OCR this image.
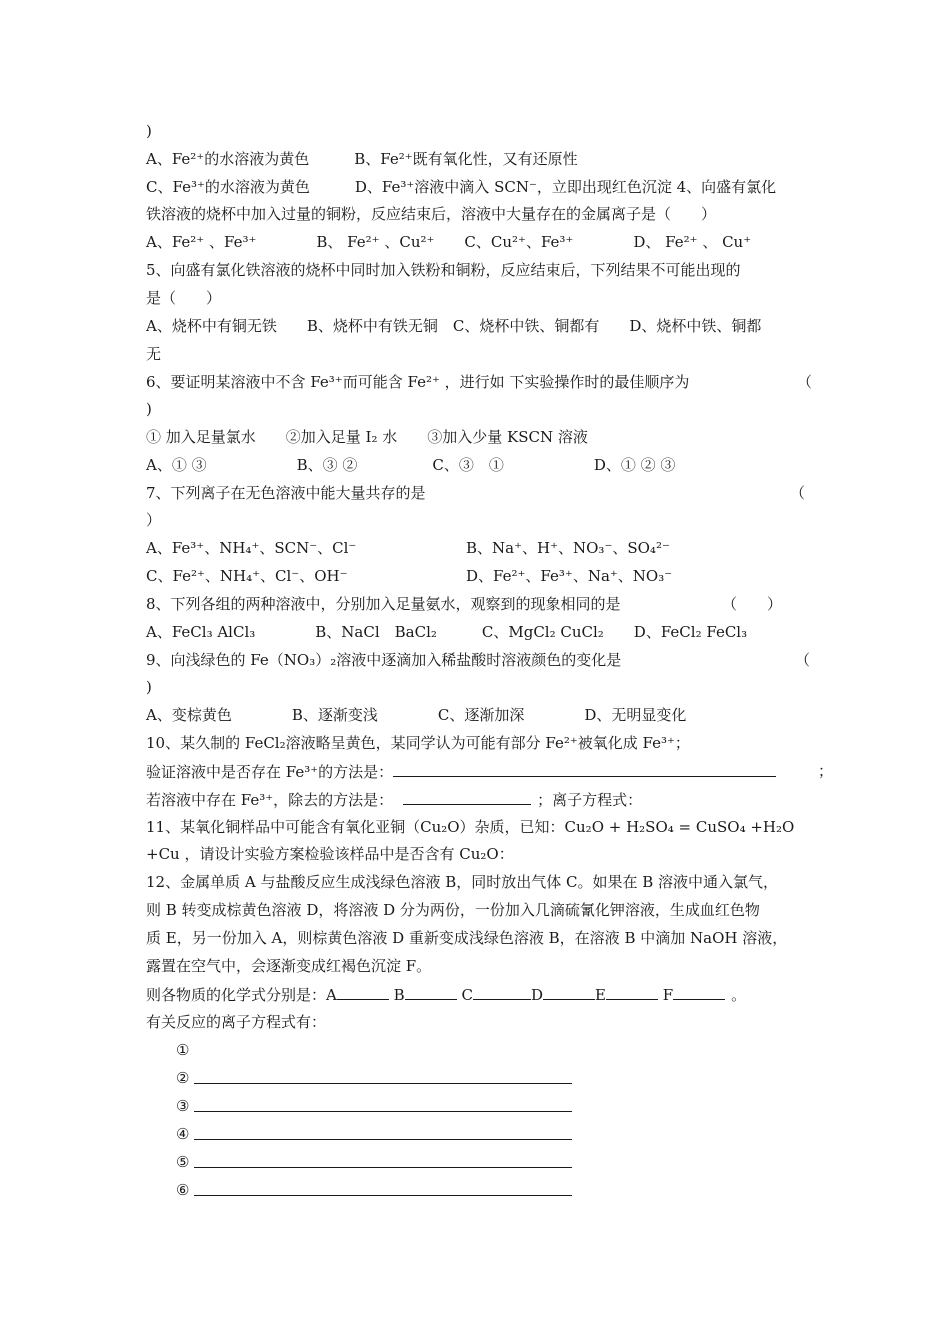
)
A、Fe²⁺的水溶液为黄色　　　B、Fe²⁺既有氧化性，又有还原性
C、Fe³⁺的水溶液为黄色　　　D、Fe³⁺溶液中滴入 SCN⁻，立即出现红色沉淀 4、向盛有氯化
铁溶液的烧杯中加入过量的铜粉，反应结束后，溶液中大量存在的金属离子是（　　）
A、Fe²⁺ 、Fe³⁺　　　　B、 Fe²⁺ 、Cu²⁺　　C、Cu²⁺、Fe³⁺　　　　D、 Fe²⁺ 、 Cu⁺
5、向盛有氯化铁溶液的烧杯中同时加入铁粉和铜粉，反应结束后，下列结果不可能出现的
是（　　）
A、烧杯中有铜无铁　　B、烧杯中有铁无铜　C、烧杯中铁、铜都有　　D、烧杯中铁、铜都
无
6、要证明某溶液中不含 Fe³⁺而可能含 Fe²⁺ ，进行如 下实验操作时的最佳顺序为	（
)
① 加入足量氯水　　②加入足量 I₂ 水　　③加入少量 KSCN 溶液
A、① ③　　　　　　B、③ ②　　　　　C、③　①　　　　　　D、① ② ③
7、下列离子在无色溶液中能大量共存的是	（
）
A、Fe³⁺、NH₄⁺、SCN⁻、Cl⁻	B、Na⁺、H⁺、NO₃⁻、SO₄²⁻
C、Fe²⁺、NH₄⁺、Cl⁻、OH⁻	D、Fe²⁺、Fe³⁺、Na⁺、NO₃⁻
8、下列各组的两种溶液中，分别加入足量氨水，观察到的现象相同的是	（　　）
A、FeCl₃ AlCl₃　　　　B、NaCl　BaCl₂　　　C、MgCl₂ CuCl₂　　D、FeCl₂ FeCl₃
9、向浅绿色的 Fe（NO₃）₂溶液中逐滴加入稀盐酸时溶液颜色的变化是	（
)
A、变棕黄色　　　　B、逐渐变浅　　　　C、逐渐加深　　　　D、无明显变化
10、某久制的 FeCl₂溶液略呈黄色，某同学认为可能有部分 Fe²⁺被氧化成 Fe³⁺；
验证溶液中是否存在 Fe³⁺的方法是：	；
若溶液中存在 Fe³⁺，除去的方法是：	；离子方程式：
11、某氧化铜样品中可能含有氧化亚铜（Cu₂O）杂质，已知：Cu₂O + H₂SO₄ = CuSO₄ +H₂O
+Cu ，请设计实验方案检验该样品中是否含有 Cu₂O：
12、金属单质 A 与盐酸反应生成浅绿色溶液 B，同时放出气体 C。如果在 B 溶液中通入氯气，
则 B 转变成棕黄色溶液 D，将溶液 D 分为两份，一份加入几滴硫氰化钾溶液，生成血红色物
质 E，另一份加入 A，则棕黄色溶液 D 重新变成浅绿色溶液 B，在溶液 B 中滴加 NaOH 溶液，
露置在空气中，会逐渐变成红褐色沉淀 F。
则各物质的化学式分别是：A	B	C	D	E	F	。
有关反应的离子方程式有：
①
②
③
④
⑤
⑥
